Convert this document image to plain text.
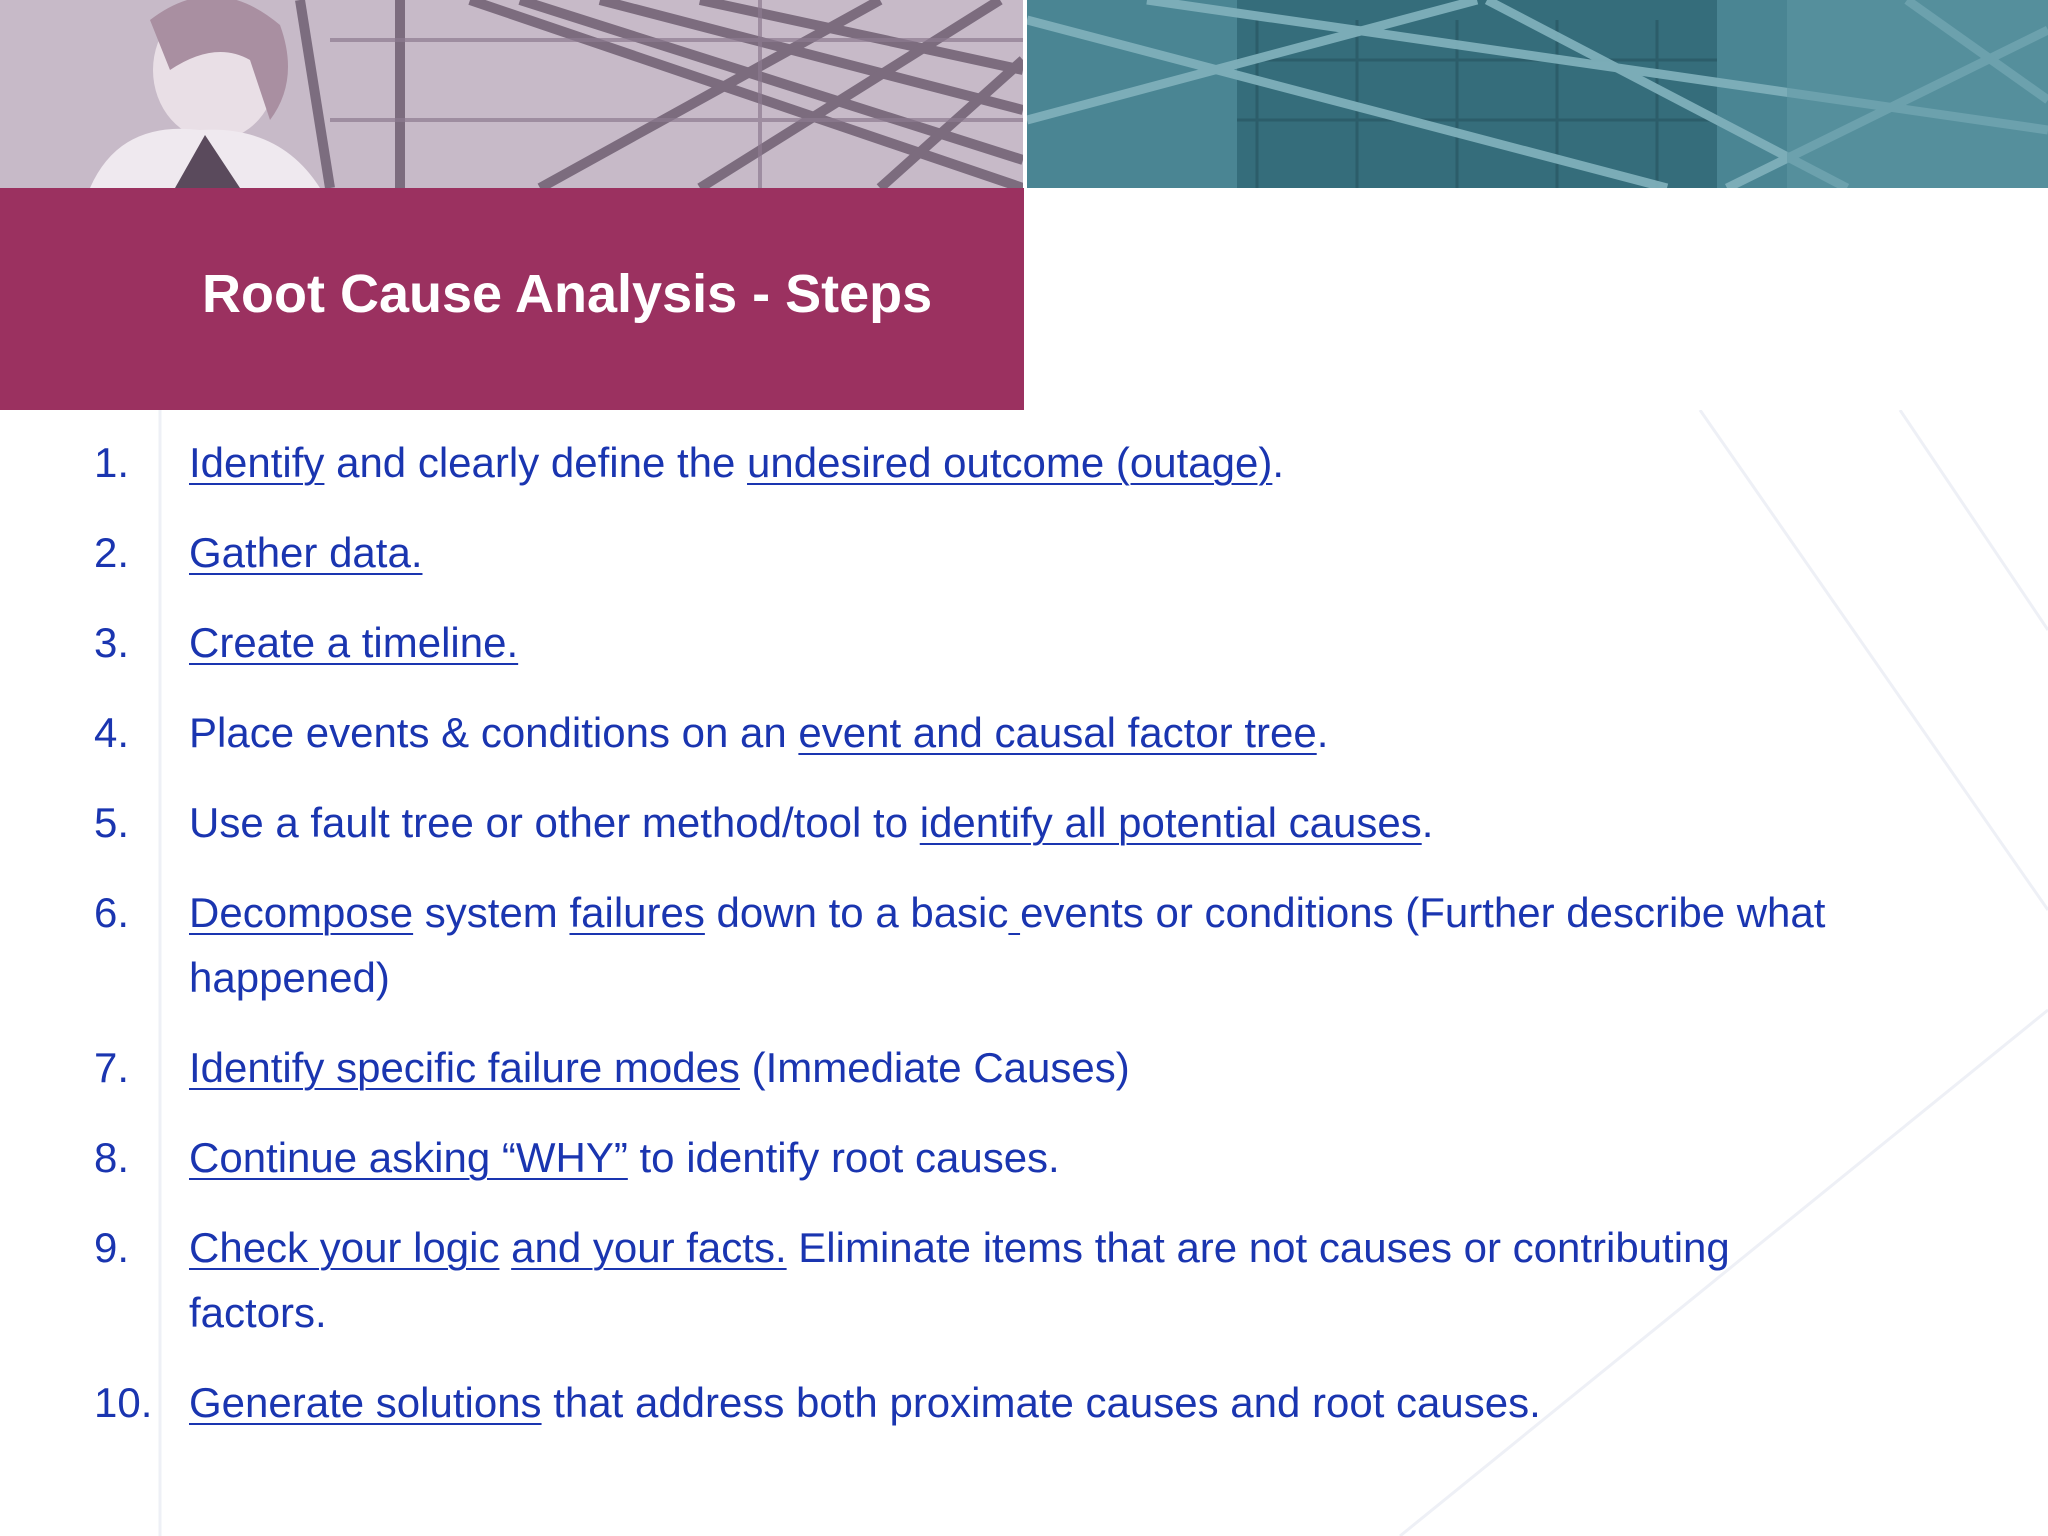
Root Cause Analysis - Steps
1. Identify and clearly define the undesired outcome (outage).
2. Gather data.
3. Create a timeline.
4. Place events & conditions on an event and causal factor tree.
5. Use a fault tree or other method/tool to identify all potential causes.
6. Decompose system failures down to a basic events or conditions (Further describe what
happened)
7. Identify specific failure modes (Immediate Causes)
8. Continue asking “WHY” to identify root causes.
9. Check your logic and your facts. Eliminate items that are not causes or contributing
factors.
10. Generate solutions that address both proximate causes and root causes.
